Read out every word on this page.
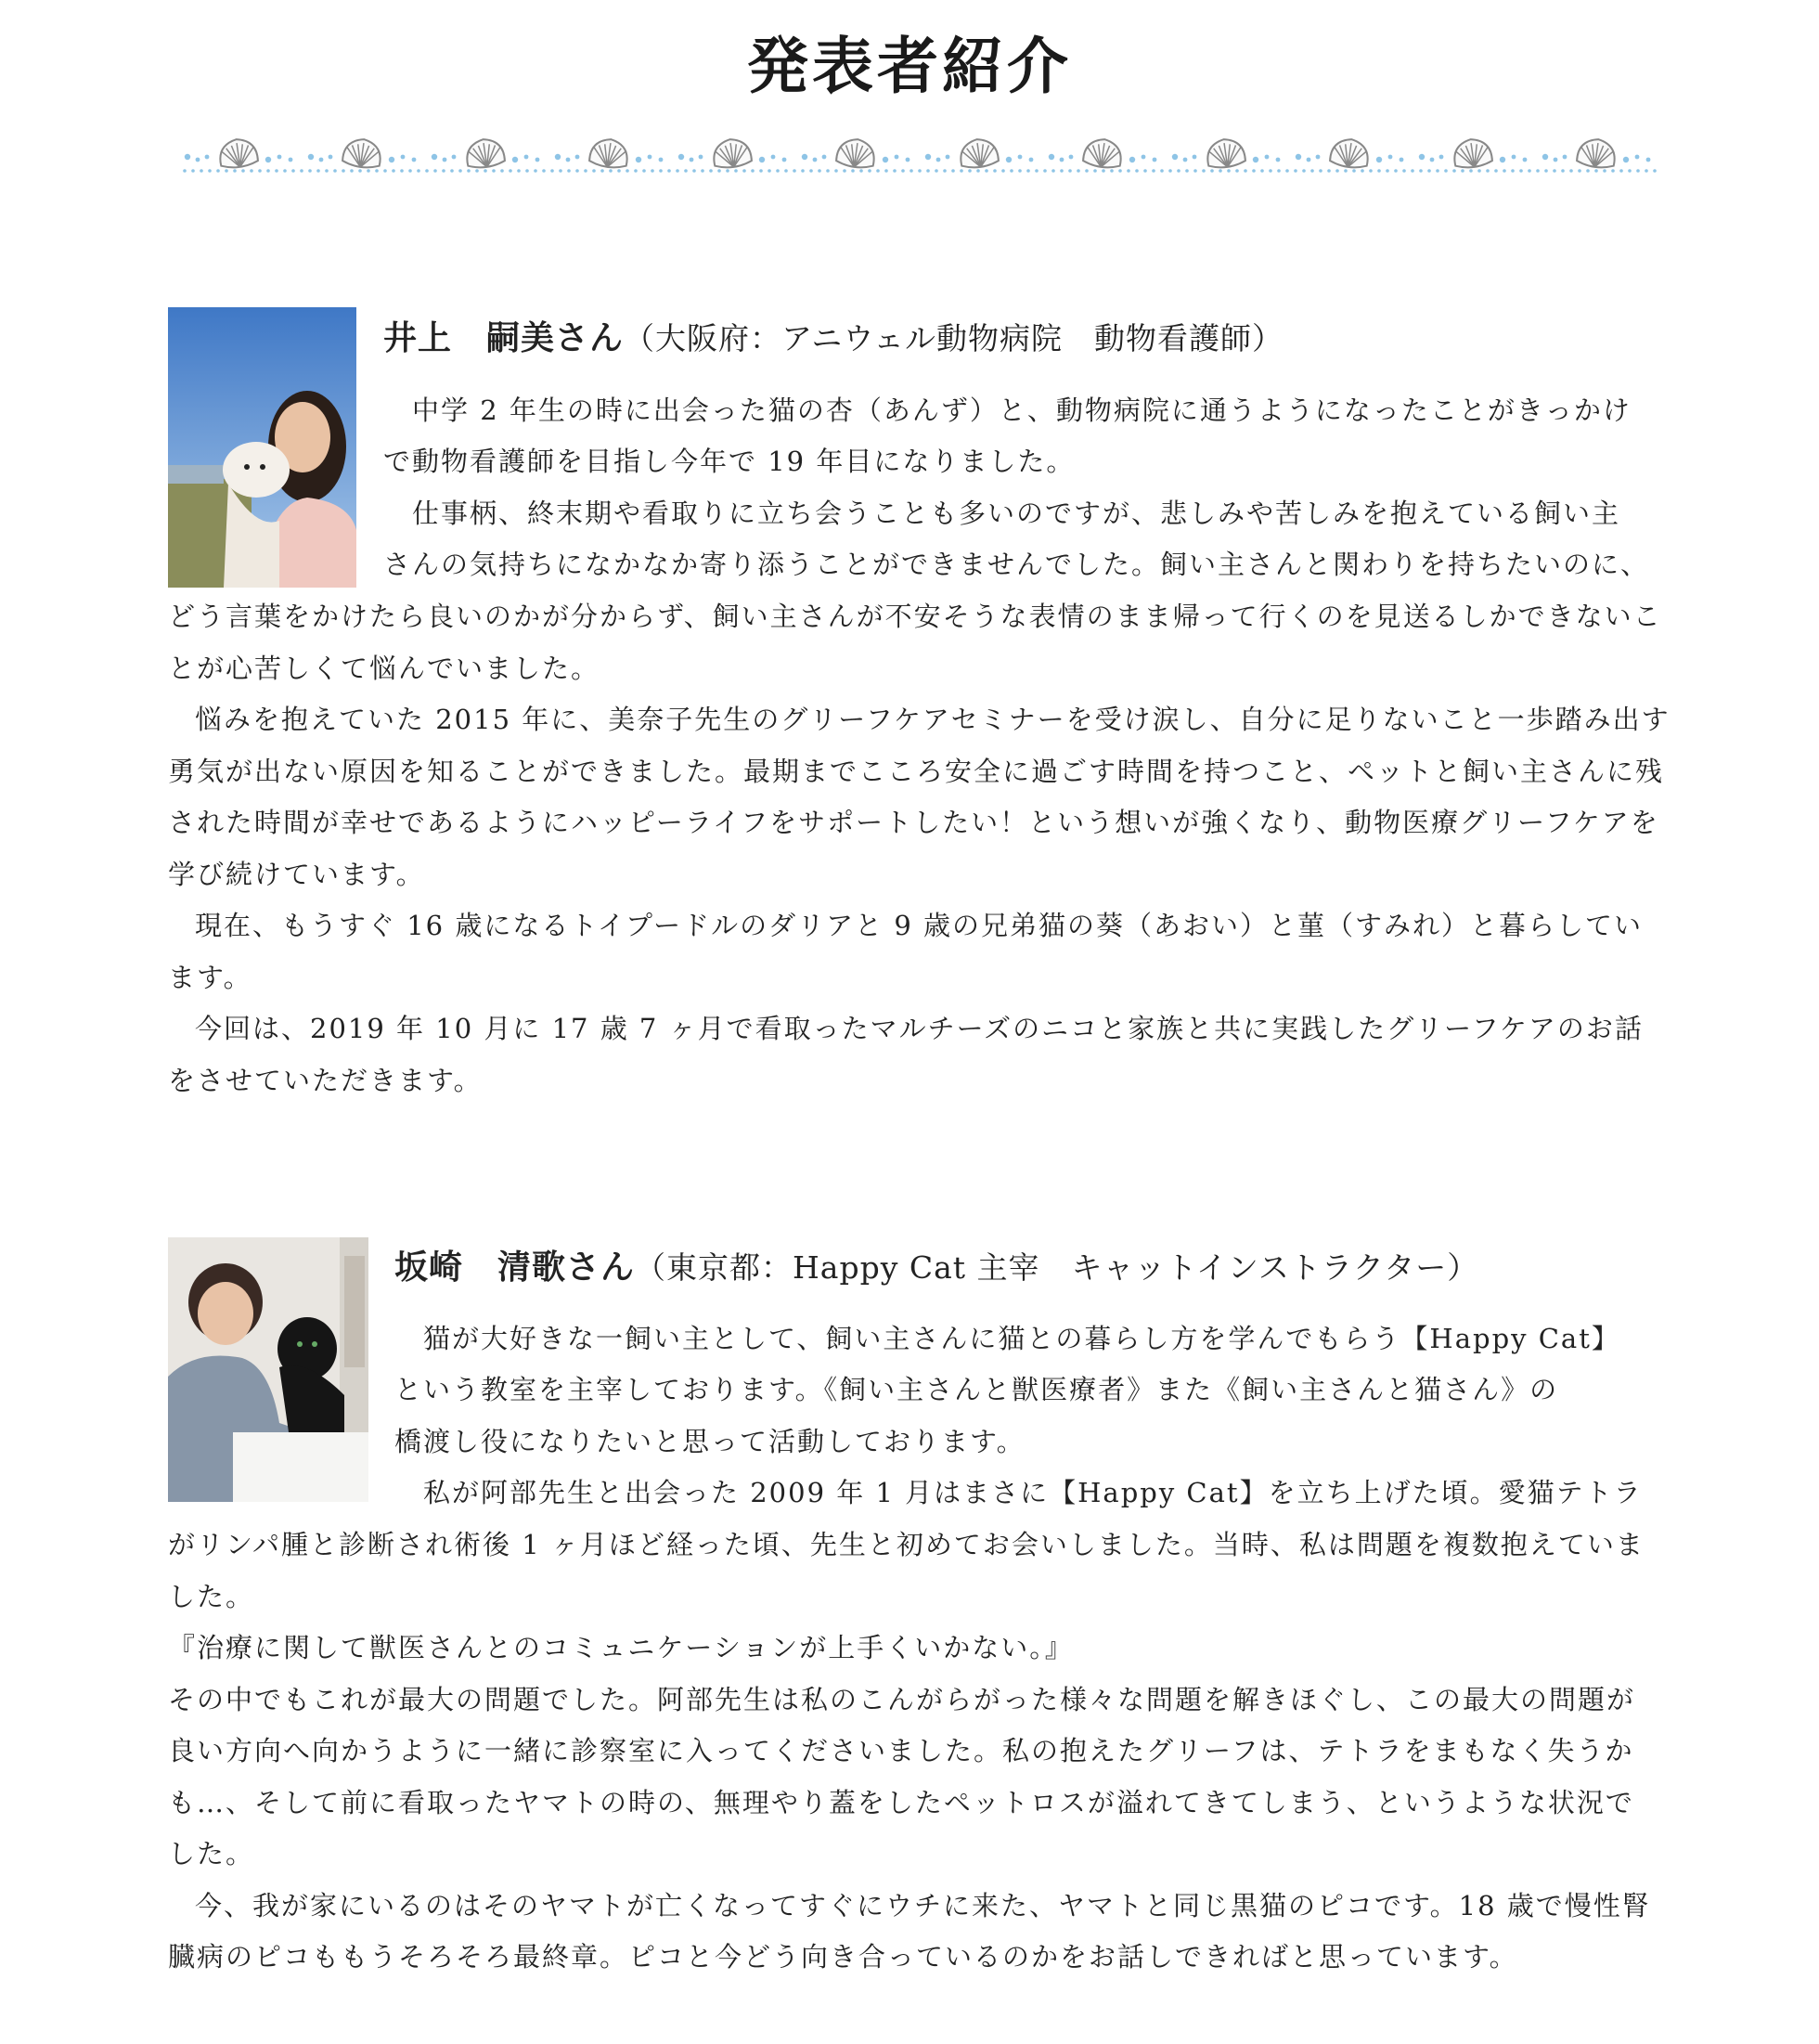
発表者紹介
井上　嗣美さん（大阪府：アニウェル動物病院　動物看護師）
　中学 2 年生の時に出会った猫の杏（あんず）と、動物病院に通うようになったことがきっかけ
で動物看護師を目指し今年で 19 年目になりました。
　仕事柄、終末期や看取りに立ち会うことも多いのですが、悲しみや苦しみを抱えている飼い主
さんの気持ちになかなか寄り添うことができませんでした。飼い主さんと関わりを持ちたいのに、

どう言葉をかけたら良いのかが分からず、飼い主さんが不安そうな表情のまま帰って行くのを見送るしかできないことが心苦しくて悩んでいました。

悩みを抱えていた 2015 年に、美奈子先生のグリーフケアセミナーを受け涙し、自分に足りないこと一歩踏み出す勇気が出ない原因を知ることができました。最期までこころ安全に過ごす時間を持つこと、ペットと飼い主さんに残された時間が幸せであるようにハッピーライフをサポートしたい！という想いが強くなり、動物医療グリーフケアを学び続けています。

現在、もうすぐ 16 歳になるトイプードルのダリアと 9 歳の兄弟猫の葵（あおい）と菫（すみれ）と暮らしています。

今回は、2019 年 10 月に 17 歳 7 ヶ月で看取ったマルチーズのニコと家族と共に実践したグリーフケアのお話をさせていただきます。

坂崎　清歌さん（東京都：Happy Cat 主宰　キャットインストラクター）
　猫が大好きな一飼い主として、飼い主さんに猫との暮らし方を学んでもらう【Happy Cat】
という教室を主宰しております。《飼い主さんと獣医療者》また《飼い主さんと猫さん》の
橋渡し役になりたいと思って活動しております。
　私が阿部先生と出会った 2009 年 1 月はまさに【Happy Cat】を立ち上げた頃。愛猫テトラ

がリンパ腫と診断され術後 1 ヶ月ほど経った頃、先生と初めてお会いしました。当時、私は問題を複数抱えていました。

『治療に関して獣医さんとのコミュニケーションが上手くいかない。』

その中でもこれが最大の問題でした。阿部先生は私のこんがらがった様々な問題を解きほぐし、この最大の問題が良い方向へ向かうように一緒に診察室に入ってくださいました。私の抱えたグリーフは、テトラをまもなく失うかも…、そして前に看取ったヤマトの時の、無理やり蓋をしたペットロスが溢れてきてしまう、というような状況でした。

今、我が家にいるのはそのヤマトが亡くなってすぐにウチに来た、ヤマトと同じ黒猫のピコです。18 歳で慢性腎臓病のピコももうそろそろ最終章。ピコと今どう向き合っているのかをお話しできればと思っています。
